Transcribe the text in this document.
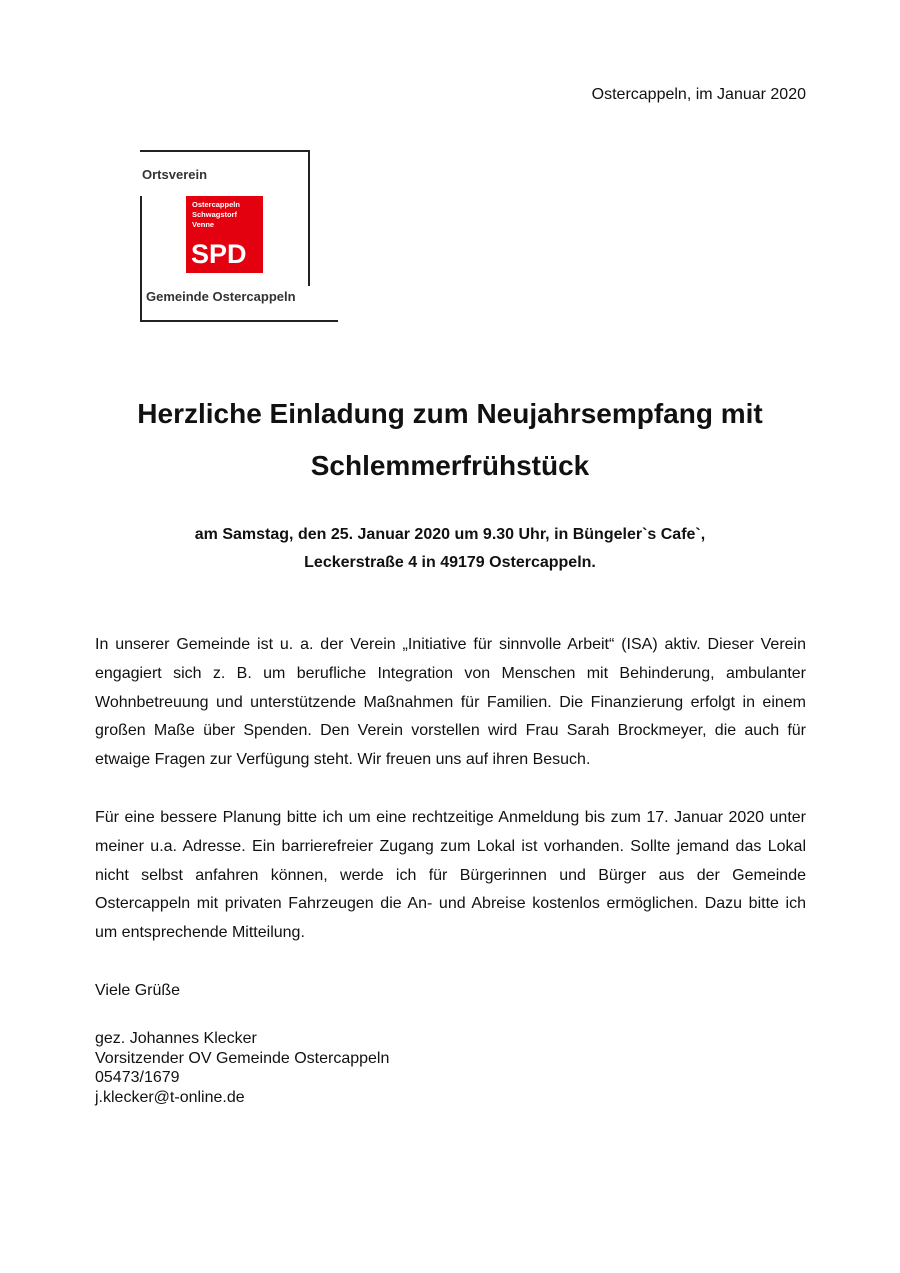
Ostercappeln, im Januar 2020
Ortsverein
Ostercappeln
Schwagstorf
Venne
SPD
Gemeinde Ostercappeln
Herzliche Einladung zum Neujahrsempfang mit
Schlemmerfrühstück
am Samstag, den 25. Januar 2020 um 9.30 Uhr, in Büngeler`s Cafe`,
Leckerstraße 4 in 49179 Ostercappeln.
In unserer Gemeinde ist u. a. der Verein „Initiative für sinnvolle Arbeit“ (ISA) aktiv. Dieser Verein engagiert sich z. B. um berufliche Integration von Menschen mit Behinderung, ambulanter Wohnbetreuung und unterstützende Maßnahmen für Familien. Die Finanzierung erfolgt in einem großen Maße über Spenden. Den Verein vorstellen wird Frau Sarah Brockmeyer, die auch für etwaige Fragen zur Verfügung steht. Wir freuen uns auf ihren Besuch.
Für eine bessere Planung bitte ich um eine rechtzeitige Anmeldung bis zum 17. Januar 2020 unter meiner u.a. Adresse. Ein barrierefreier Zugang zum Lokal ist vorhanden. Sollte jemand das Lokal nicht selbst anfahren können, werde ich für Bürgerinnen und Bürger aus der Gemeinde Ostercappeln mit privaten Fahrzeugen die An- und Abreise kostenlos ermöglichen. Dazu bitte ich um entsprechende Mitteilung.
Viele Grüße
gez. Johannes Klecker
Vorsitzender OV Gemeinde Ostercappeln
05473/1679
j.klecker@t-online.de
